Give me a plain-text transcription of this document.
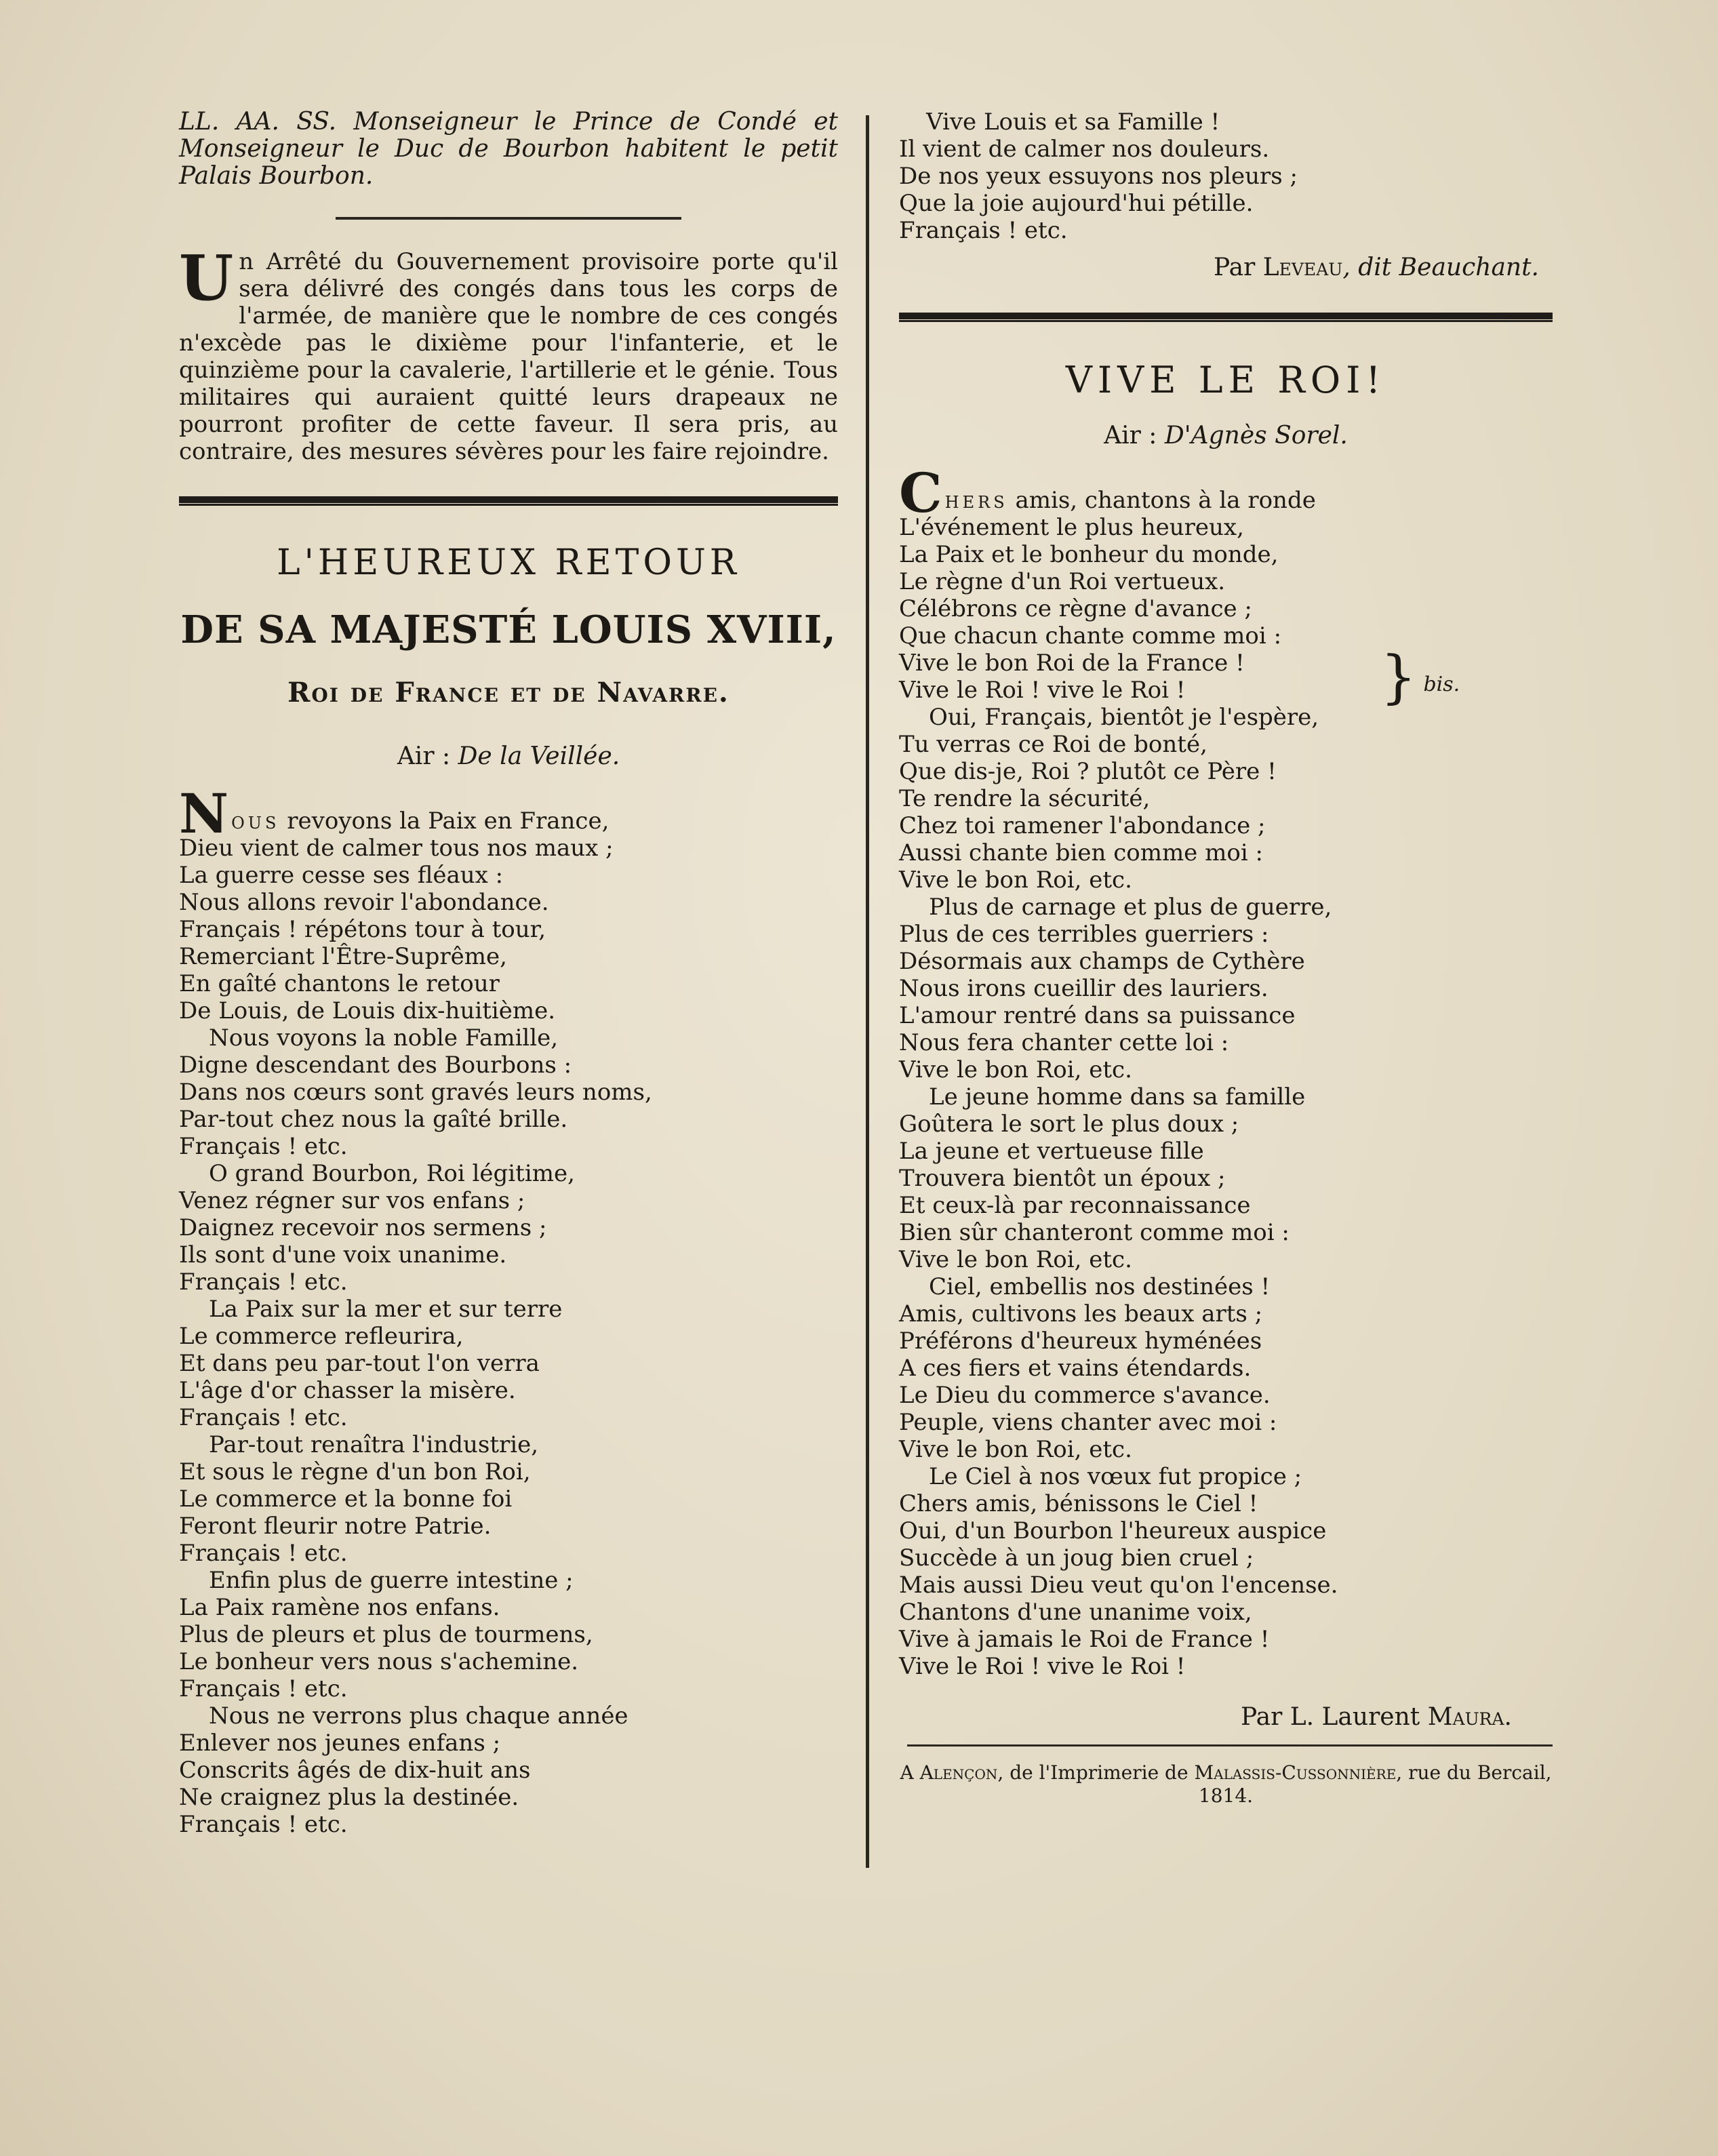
LL. AA. SS. Monseigneur le Prince de Condé et Monseigneur le Duc de Bourbon habitent le petit Palais Bourbon.

Un Arrêté du Gouvernement provisoire porte qu'il sera délivré des congés dans tous les corps de l'armée, de manière que le nombre de ces congés n'excède pas le dixième pour l'infanterie, et le quinzième pour la cavalerie, l'artillerie et le génie. Tous militaires qui auraient quitté leurs drapeaux ne pourront profiter de cette faveur. Il sera pris, au contraire, des mesures sévères pour les faire rejoindre.

L'HEUREUX RETOUR
DE SA MAJESTÉ LOUIS XVIII,
Roi de France et de Navarre.

Air : De la Veillée.

Nous revoyons la Paix en France,
Dieu vient de calmer tous nos maux ;
La guerre cesse ses fléaux :
Nous allons revoir l'abondance.
Français ! répétons tour à tour,
Remerciant l'Être-Suprême,
En gaîté chantons le retour
De Louis, de Louis dix-huitième.
Nous voyons la noble Famille,
Digne descendant des Bourbons :
Dans nos cœurs sont gravés leurs noms,
Par-tout chez nous la gaîté brille.
Français ! etc.
O grand Bourbon, Roi légitime,
Venez régner sur vos enfans ;
Daignez recevoir nos sermens ;
Ils sont d'une voix unanime.
Français ! etc.
La Paix sur la mer et sur terre
Le commerce refleurira,
Et dans peu par-tout l'on verra
L'âge d'or chasser la misère.
Français ! etc.
Par-tout renaîtra l'industrie,
Et sous le règne d'un bon Roi,
Le commerce et la bonne foi
Feront fleurir notre Patrie.
Français ! etc.
Enfin plus de guerre intestine ;
La Paix ramène nos enfans.
Plus de pleurs et plus de tourmens,
Le bonheur vers nous s'achemine.
Français ! etc.
Nous ne verrons plus chaque année
Enlever nos jeunes enfans ;
Conscrits âgés de dix-huit ans
Ne craignez plus la destinée.
Français ! etc.
Vive Louis et sa Famille !
Il vient de calmer nos douleurs.
De nos yeux essuyons nos pleurs ;
Que la joie aujourd'hui pétille.
Français ! etc.

Par Leveau, dit Beauchant.

VIVE LE ROI!

Air : D'Agnès Sorel.

Chers amis, chantons à la ronde
L'événement le plus heureux,
La Paix et le bonheur du monde,
Le règne d'un Roi vertueux.
Célébrons ce règne d'avance ;
Que chacun chante comme moi :
Vive le bon Roi de la France ! } bis.
Vive le Roi ! vive le Roi !
Oui, Français, bientôt je l'espère,
Tu verras ce Roi de bonté,
Que dis-je, Roi ? plutôt ce Père !
Te rendre la sécurité,
Chez toi ramener l'abondance ;
Aussi chante bien comme moi :
Vive le bon Roi, etc.
Plus de carnage et plus de guerre,
Plus de ces terribles guerriers :
Désormais aux champs de Cythère
Nous irons cueillir des lauriers.
L'amour rentré dans sa puissance
Nous fera chanter cette loi :
Vive le bon Roi, etc.
Le jeune homme dans sa famille
Goûtera le sort le plus doux ;
La jeune et vertueuse fille
Trouvera bientôt un époux ;
Et ceux-là par reconnaissance
Bien sûr chanteront comme moi :
Vive le bon Roi, etc.
Ciel, embellis nos destinées !
Amis, cultivons les beaux arts ;
Préférons d'heureux hyménées
A ces fiers et vains étendards.
Le Dieu du commerce s'avance.
Peuple, viens chanter avec moi :
Vive le bon Roi, etc.
Le Ciel à nos vœux fut propice ;
Chers amis, bénissons le Ciel !
Oui, d'un Bourbon l'heureux auspice
Succède à un joug bien cruel ;
Mais aussi Dieu veut qu'on l'encense.
Chantons d'une unanime voix,
Vive à jamais le Roi de France !
Vive le Roi ! vive le Roi !

Par L. Laurent Maura.

A Alençon, de l'Imprimerie de Malassis-Cussonnière, rue du Bercail, 1814.
